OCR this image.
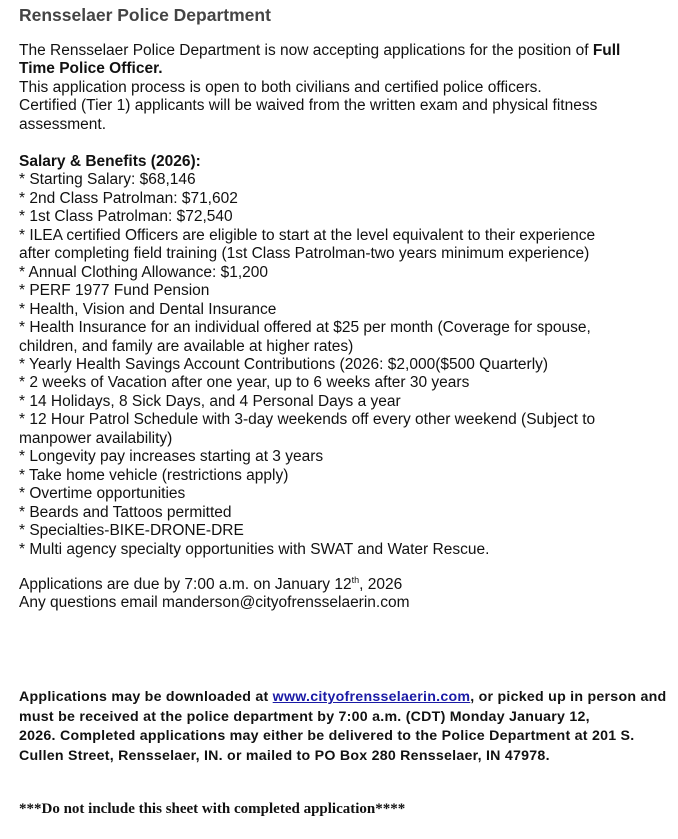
Rensselaer Police Department
The Rensselaer Police Department is now accepting applications for the position of Full
Time Police Officer.
This application process is open to both civilians and certified police officers.
Certified (Tier 1) applicants will be waived from the written exam and physical fitness
assessment.
Salary & Benefits (2026):
* Starting Salary: $68,146
* 2nd Class Patrolman: $71,602
* 1st Class Patrolman: $72,540
* ILEA certified Officers are eligible to start at the level equivalent to their experience
after completing field training (1st Class Patrolman-two years minimum experience)
* Annual Clothing Allowance: $1,200
* PERF 1977 Fund Pension
* Health, Vision and Dental Insurance
* Health Insurance for an individual offered at $25 per month (Coverage for spouse,
children, and family are available at higher rates)
* Yearly Health Savings Account Contributions (2026: $2,000($500 Quarterly)
* 2 weeks of Vacation after one year, up to 6 weeks after 30 years
* 14 Holidays, 8 Sick Days, and 4 Personal Days a year
* 12 Hour Patrol Schedule with 3-day weekends off every other weekend (Subject to
manpower availability)
* Longevity pay increases starting at 3 years
* Take home vehicle (restrictions apply)
* Overtime opportunities
* Beards and Tattoos permitted
* Specialties-BIKE-DRONE-DRE
* Multi agency specialty opportunities with SWAT and Water Rescue.
Applications are due by 7:00 a.m. on January 12th, 2026
Any questions email manderson@cityofrensselaerin.com
Applications may be downloaded at www.cityofrensselaerin.com, or picked up in person and
must be received at the police department by 7:00 a.m. (CDT) Monday January 12,
2026. Completed applications may either be delivered to the Police Department at 201 S.
Cullen Street, Rensselaer, IN. or mailed to PO Box 280 Rensselaer, IN 47978.
***Do not include this sheet with completed application****
